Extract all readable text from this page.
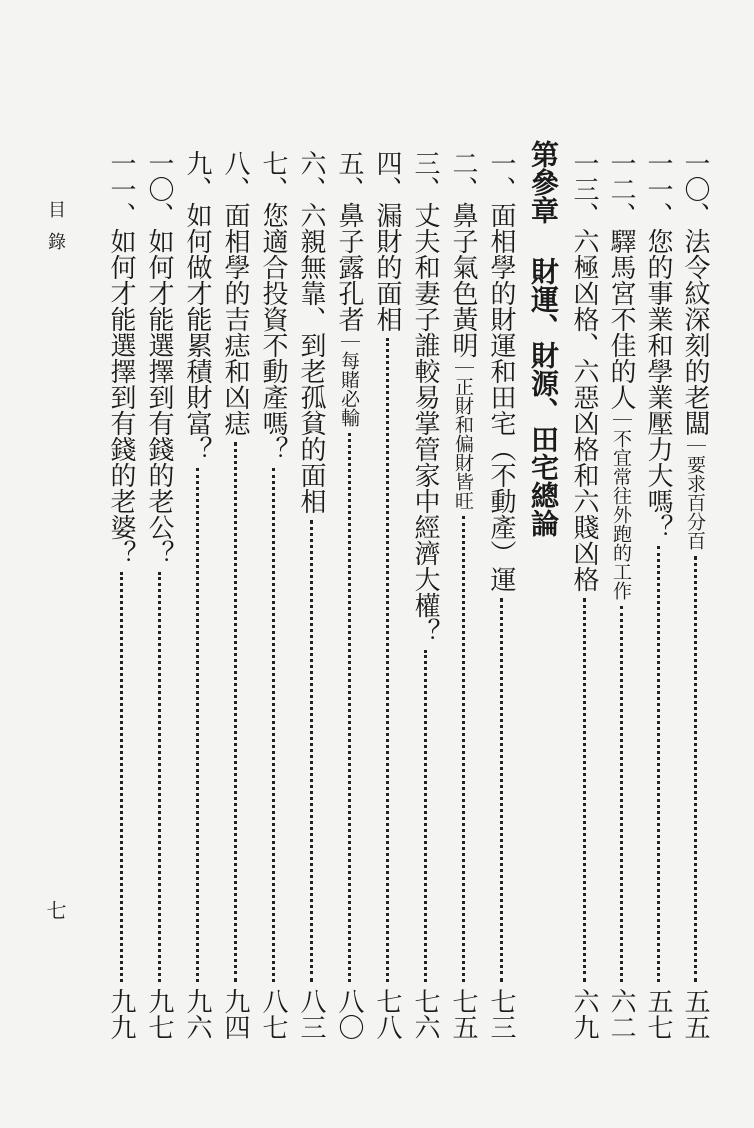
目錄
七
一〇、
法令紋深刻的老闆
｜要求百分百
五五
一一、
您的事業和學業壓力大嗎？
五七
一二、
驛馬宮不佳的人
｜不宜常往外跑的工作
六二
一三、
六極凶格、六惡凶格和六賤凶格
六九
第參章 財運、財源、田宅總論
一、
面相學的財運和田宅（不動產）運
七三
二、
鼻子氣色黃明
｜正財和偏財皆旺
七五
三、
丈夫和妻子誰較易掌管家中經濟大權？
七六
四、
漏財的面相
七八
五、
鼻子露孔者
｜每賭必輸
八〇
六、
六親無靠、到老孤貧的面相
八三
七、
您適合投資不動產嗎？
八七
八、
面相學的吉痣和凶痣
九四
九、
如何做才能累積財富？
九六
一〇、
如何才能選擇到有錢的老公？
九七
一一、
如何才能選擇到有錢的老婆？
九九
